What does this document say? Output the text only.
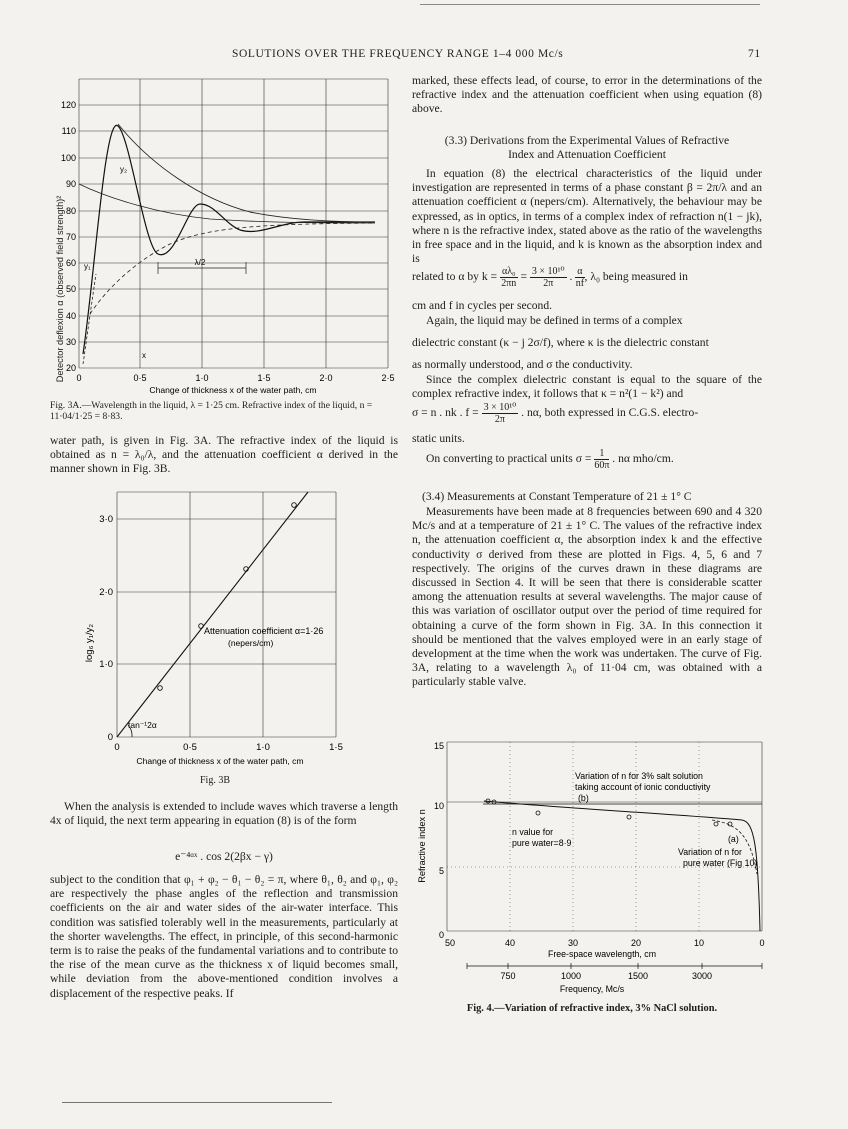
SOLUTIONS OVER THE FREQUENCY RANGE 1–4 000 Mc/s	71
Detector deflexion α (observed field strength)²	λ/2
y₁
y₂
x
120
110
100
90
80
70
60
50
40
30
20
0	0·5	1·0	1·5	2·0	2·5
Change of thickness x of the water path, cm
Fig. 3A.—Wavelength in the liquid, λ = 1·25 cm. Refractive index of the liquid, n = 11·04/1·25 = 8·83.

water path, is given in Fig. 3A. The refractive index of the liquid is obtained as n = λ₀/λ, and the attenuation coefficient α derived in the manner shown in Fig. 3B.

log₆ y₁/y₂
tan⁻¹2α
Attenuation coefficient α=1·26
(nepers/cm)
3·0
2·0
1·0
0
0	0·5	1·0	1·5
Change of thickness x of the water path, cm
Fig. 3B

When the analysis is extended to include waves which traverse a length 4x of liquid, the next term appearing in equation (8) is of the form

e⁻⁴ᵅˣ . cos 2(2βx − γ)

subject to the condition that φ₁ + φ₂ − θ₁ − θ₂ = π, where θ₁, θ₂ and φ₁, φ₂ are respectively the phase angles of the reflection and transmission coefficients on the air and water sides of the air-water interface. This condition was satisfied tolerably well in the measurements, particularly at the shorter wavelengths. The effect, in principle, of this second-harmonic term is to raise the peaks of the fundamental variations and to contribute to the rise of the mean curve as the thickness x of liquid becomes small, while deviation from the above-mentioned condition involves a displacement of the respective peaks. If

marked, these effects lead, of course, to error in the determinations of the refractive index and the attenuation coefficient when using equation (8) above.

(3.3) Derivations from the Experimental Values of Refractive
Index and Attenuation Coefficient

In equation (8) the electrical characteristics of the liquid under investigation are represented in terms of a phase constant β = 2π/λ and an attenuation coefficient α (nepers/cm). Alternatively, the behaviour may be expressed, as in optics, in terms of a complex index of refraction n(1 − jk), where n is the refractive index, stated above as the ratio of the wavelengths in free space and in the liquid, and k is known as the absorption index and is

related to α by $k = \frac{\text{αλ₀}}{2\pi n} = \frac{\text{3 × 10¹⁰}}{2\pi}$ . $\frac{\alpha}{nf}$ , λ₀ being measured in

cm and f in cycles per second.

Again, the liquid may be defined in terms of a complex

dielectric constant (κ − j 2σ/f), where κ is the dielectric constant

as normally understood, and σ the conductivity.

Since the complex dielectric constant is equal to the square of the complex refractive index, it follows that κ = n²(1 − k²) and

σ = n . nk . $f = \frac{\text{3 × 10¹⁰}}{2\pi}$ . nα, both expressed in C.G.S. electro-

static units.

On converting to practical units $\sigma = \frac{1}{60\pi}$ . nα mho/cm.
(3.4) Measurements at Constant Temperature of 21 ± 1° C

Measurements have been made at 8 frequencies between 690 and 4 320 Mc/s and at a temperature of 21 ± 1° C. The values of the refractive index n, the attenuation coefficient α, the absorption index k and the effective conductivity σ derived from these are plotted in Figs. 4, 5, 6 and 7 respectively. The origins of the curves drawn in these diagrams are discussed in Section 4. It will be seen that there is considerable scatter among the attenuation results at several wavelengths. The major cause of this was variation of oscillator output over the period of time required for obtaining a curve of the form shown in Fig. 3A. In this connection it should be mentioned that the valves employed were in an early stage of development at the time when the work was undertaken. The curve of Fig. 3A, relating to a wavelength λ₀ of 11·04 cm, was obtained with a particularly stable valve.

Refractive index n
Variation of n for 3% salt solution
taking account of ionic conductivity
(b)
n value for
pure water=8·9
Variation of n for
pure water (Fig 10)
(a)
15
10
5
0
50	40	30	20	10	0
Free-space wavelength, cm
750	1000	1500	3000
Frequency, Mc/s
Fig. 4.—Variation of refractive index, 3% NaCl solution.
